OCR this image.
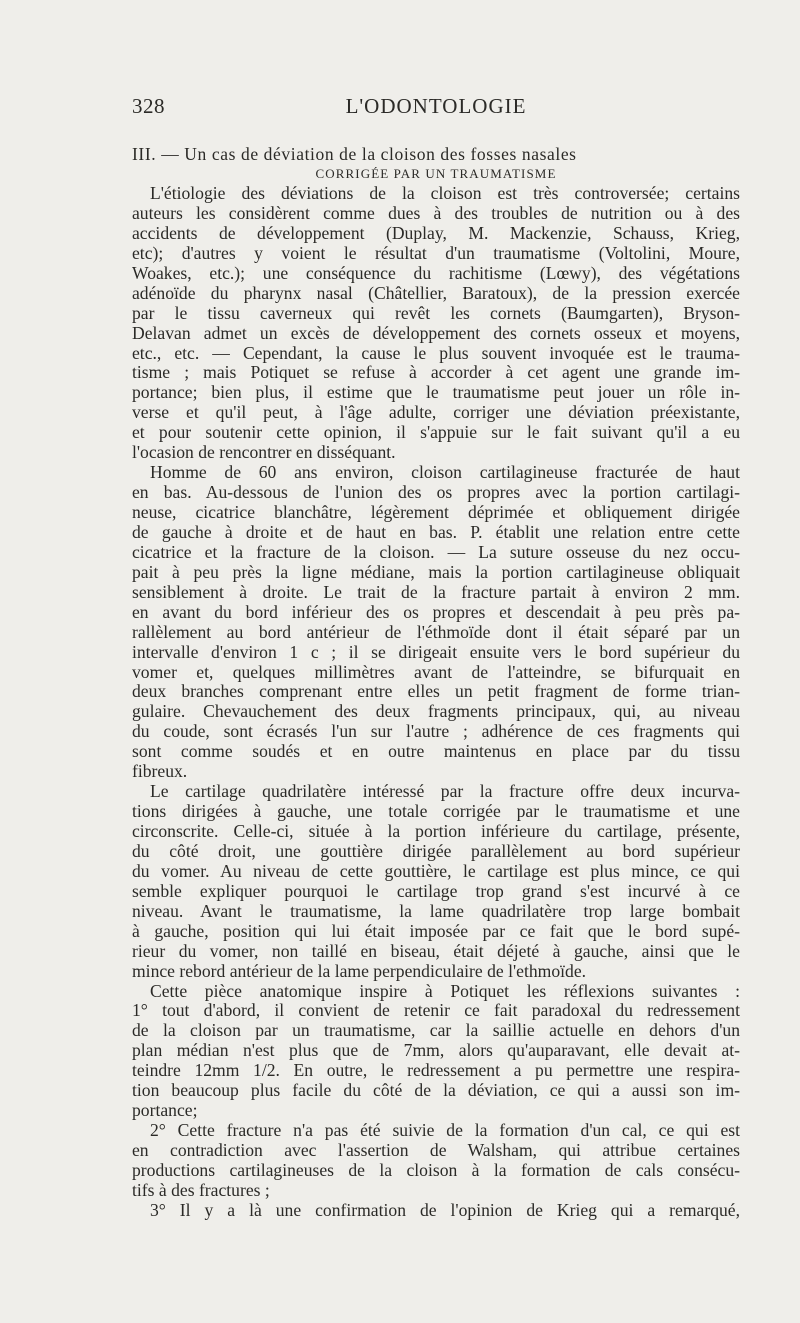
328	L'ODONTOLOGIE
III. — Un cas de déviation de la cloison des fosses nasales
CORRIGÉE PAR UN TRAUMATISME
L'étiologie des déviations de la cloison est très controversée; certains
auteurs les considèrent comme dues à des troubles de nutrition ou à des
accidents de développement (Duplay, M. Mackenzie, Schauss, Krieg,
etc); d'autres y voient le résultat d'un traumatisme (Voltolini, Moure,
Woakes, etc.); une conséquence du rachitisme (Lœwy), des végétations
adénoïde du pharynx nasal (Châtellier, Baratoux), de la pression exercée
par le tissu caverneux qui revêt les cornets (Baumgarten), Bryson-
Delavan admet un excès de développement des cornets osseux et moyens,
etc., etc. — Cependant, la cause le plus souvent invoquée est le trauma-
tisme ; mais Potiquet se refuse à accorder à cet agent une grande im-
portance; bien plus, il estime que le traumatisme peut jouer un rôle in-
verse et qu'il peut, à l'âge adulte, corriger une déviation préexistante,
et pour soutenir cette opinion, il s'appuie sur le fait suivant qu'il a eu
l'ocasion de rencontrer en disséquant.
Homme de 60 ans environ, cloison cartilagineuse fracturée de haut
en bas. Au-dessous de l'union des os propres avec la portion cartilagi-
neuse, cicatrice blanchâtre, légèrement déprimée et obliquement dirigée
de gauche à droite et de haut en bas. P. établit une relation entre cette
cicatrice et la fracture de la cloison. — La suture osseuse du nez occu-
pait à peu près la ligne médiane, mais la portion cartilagineuse obliquait
sensiblement à droite. Le trait de la fracture partait à environ 2 mm.
en avant du bord inférieur des os propres et descendait à peu près pa-
rallèlement au bord antérieur de l'éthmoïde dont il était séparé par un
intervalle d'environ 1 c ; il se dirigeait ensuite vers le bord supérieur du
vomer et, quelques millimètres avant de l'atteindre, se bifurquait en
deux branches comprenant entre elles un petit fragment de forme trian-
gulaire. Chevauchement des deux fragments principaux, qui, au niveau
du coude, sont écrasés l'un sur l'autre ; adhérence de ces fragments qui
sont comme soudés et en outre maintenus en place par du tissu
fibreux.
Le cartilage quadrilatère intéressé par la fracture offre deux incurva-
tions dirigées à gauche, une totale corrigée par le traumatisme et une
circonscrite. Celle-ci, située à la portion inférieure du cartilage, présente,
du côté droit, une gouttière dirigée parallèlement au bord supérieur
du vomer. Au niveau de cette gouttière, le cartilage est plus mince, ce qui
semble expliquer pourquoi le cartilage trop grand s'est incurvé à ce
niveau. Avant le traumatisme, la lame quadrilatère trop large bombait
à gauche, position qui lui était imposée par ce fait que le bord supé-
rieur du vomer, non taillé en biseau, était déjeté à gauche, ainsi que le
mince rebord antérieur de la lame perpendiculaire de l'ethmoïde.
Cette pièce anatomique inspire à Potiquet les réflexions suivantes :
1° tout d'abord, il convient de retenir ce fait paradoxal du redressement
de la cloison par un traumatisme, car la saillie actuelle en dehors d'un
plan médian n'est plus que de 7mm, alors qu'auparavant, elle devait at-
teindre 12mm 1/2. En outre, le redressement a pu permettre une respira-
tion beaucoup plus facile du côté de la déviation, ce qui a aussi son im-
portance;
2° Cette fracture n'a pas été suivie de la formation d'un cal, ce qui est
en contradiction avec l'assertion de Walsham, qui attribue certaines
productions cartilagineuses de la cloison à la formation de cals consécu-
tifs à des fractures ;
3° Il y a là une confirmation de l'opinion de Krieg qui a remarqué,
